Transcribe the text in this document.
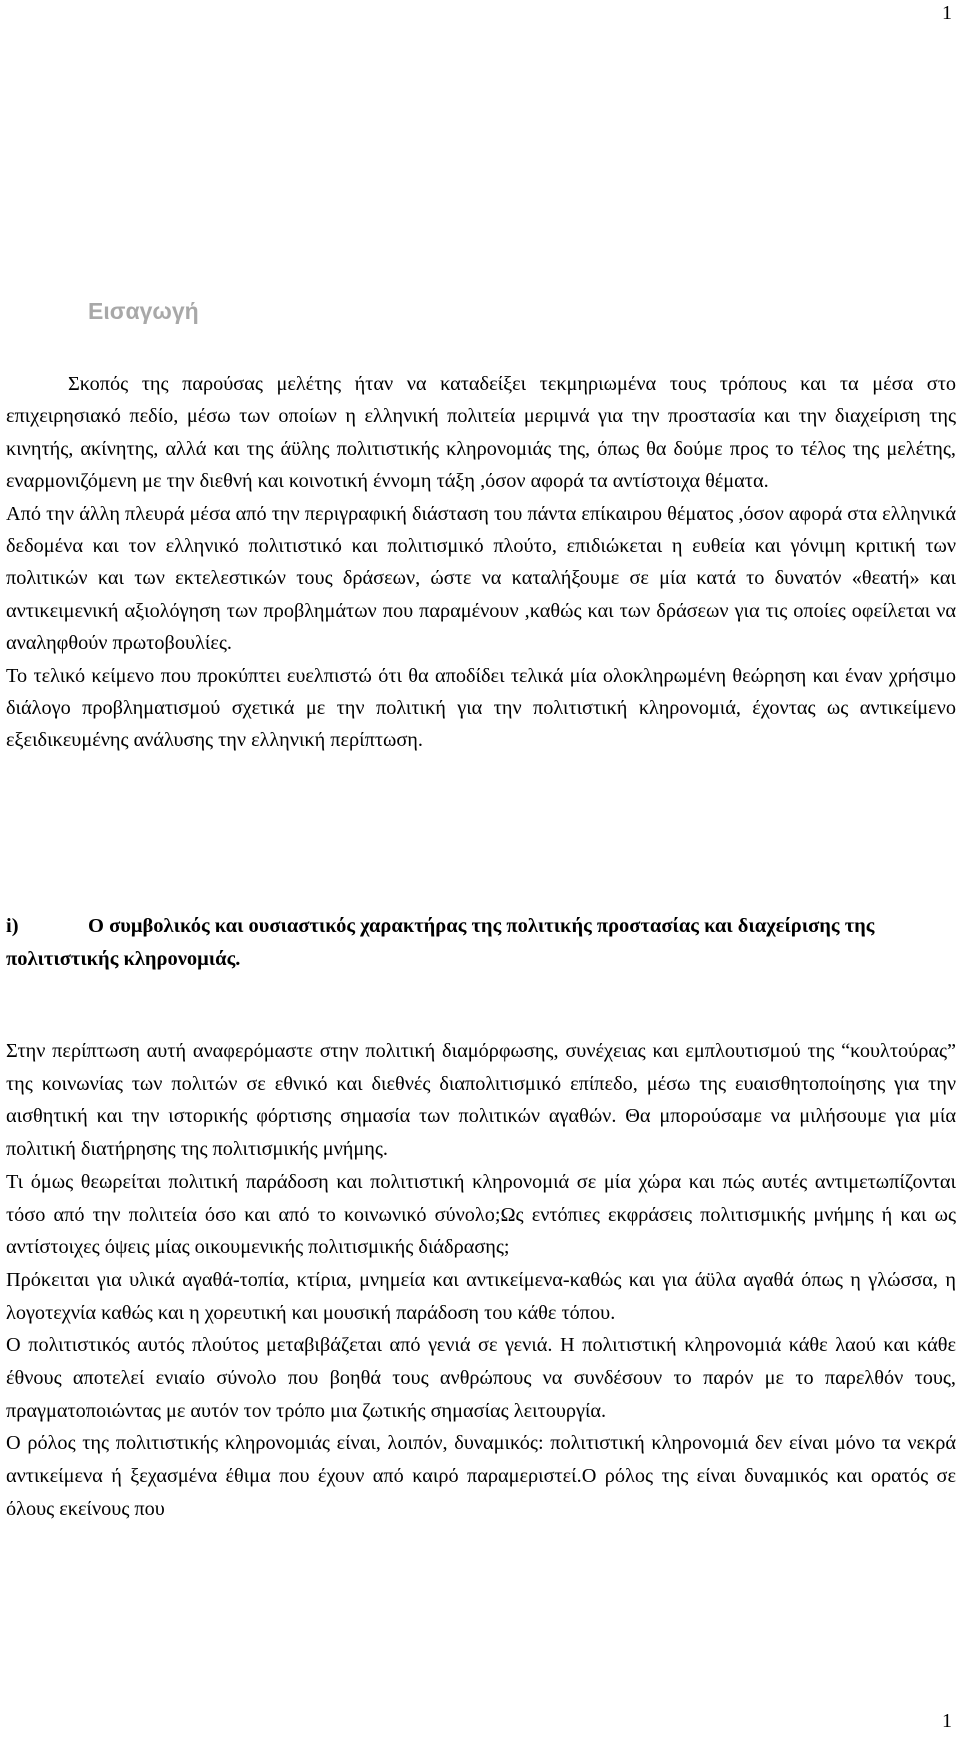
1
Εισαγωγή

Σκοπός της παρούσας μελέτης ήταν να καταδείξει τεκμηριωμένα τους τρόπους και τα μέσα στο επιχειρησιακό πεδίο, μέσω των οποίων η ελληνική πολιτεία μεριμνά για την προστασία και την διαχείριση της κινητής, ακίνητης, αλλά και της άϋλης πολιτιστικής κληρονομιάς της, όπως θα δούμε προς το τέλος της μελέτης, εναρμονιζόμενη με την διεθνή και κοινοτική έννομη τάξη ,όσον αφορά τα αντίστοιχα θέματα.

Από την άλλη πλευρά μέσα από την περιγραφική διάσταση του πάντα επίκαιρου θέματος ,όσον αφορά στα ελληνικά δεδομένα και τον ελληνικό πολιτιστικό και πολιτισμικό πλούτο, επιδιώκεται η ευθεία και γόνιμη κριτική των πολιτικών και των εκτελεστικών τους δράσεων, ώστε να καταλήξουμε σε μία κατά το δυνατόν «θεατή» και αντικειμενική αξιολόγηση των προβλημάτων που παραμένουν ,καθώς και των δράσεων για τις οποίες οφείλεται να αναληφθούν πρωτοβουλίες.

Το τελικό κείμενο που προκύπτει ευελπιστώ ότι θα αποδίδει τελικά μία ολοκληρωμένη θεώρηση και έναν χρήσιμο διάλογο προβληματισμού σχετικά με την πολιτική για την πολιτιστική κληρονομιά, έχοντας ως αντικείμενο εξειδικευμένης ανάλυσης την ελληνική περίπτωση.

i)	Ο συμβολικός και ουσιαστικός χαρακτήρας της πολιτικής προστασίας και διαχείρισης της πολιτιστικής κληρονομιάς.

Στην περίπτωση αυτή αναφερόμαστε στην πολιτική διαμόρφωσης, συνέχειας και εμπλουτισμού της “κουλτούρας” της κοινωνίας των πολιτών σε εθνικό και διεθνές διαπολιτισμικό επίπεδο, μέσω της ευαισθητοποίησης για την αισθητική και την ιστορικής φόρτισης σημασία των πολιτικών αγαθών. Θα μπορούσαμε να μιλήσουμε για μία πολιτική διατήρησης της πολιτισμικής μνήμης.

Τι όμως θεωρείται πολιτική παράδοση και πολιτιστική κληρονομιά σε μία χώρα και πώς αυτές αντιμετωπίζονται τόσο από την πολιτεία όσο και από το κοινωνικό σύνολο;Ως εντόπιες εκφράσεις πολιτισμικής μνήμης ή και ως αντίστοιχες όψεις μίας οικουμενικής πολιτισμικής διάδρασης;

Πρόκειται για υλικά αγαθά-τοπία, κτίρια, μνημεία και αντικείμενα-καθώς και για άϋλα αγαθά όπως η γλώσσα, η λογοτεχνία καθώς και η χορευτική και μουσική παράδοση του κάθε τόπου.

Ο πολιτιστικός αυτός πλούτος μεταβιβάζεται από γενιά σε γενιά. Η πολιτιστική κληρονομιά κάθε λαού και κάθε έθνους αποτελεί ενιαίο σύνολο που βοηθά τους ανθρώπους να συνδέσουν το παρόν με το παρελθόν τους, πραγματοποιώντας με αυτόν τον τρόπο μια ζωτικής σημασίας λειτουργία.

Ο ρόλος της πολιτιστικής κληρονομιάς είναι, λοιπόν, δυναμικός: πολιτιστική κληρονομιά δεν είναι μόνο τα νεκρά αντικείμενα ή ξεχασμένα έθιμα που έχουν από καιρό παραμεριστεί.Ο ρόλος της είναι δυναμικός και ορατός σε όλους εκείνους που

1
